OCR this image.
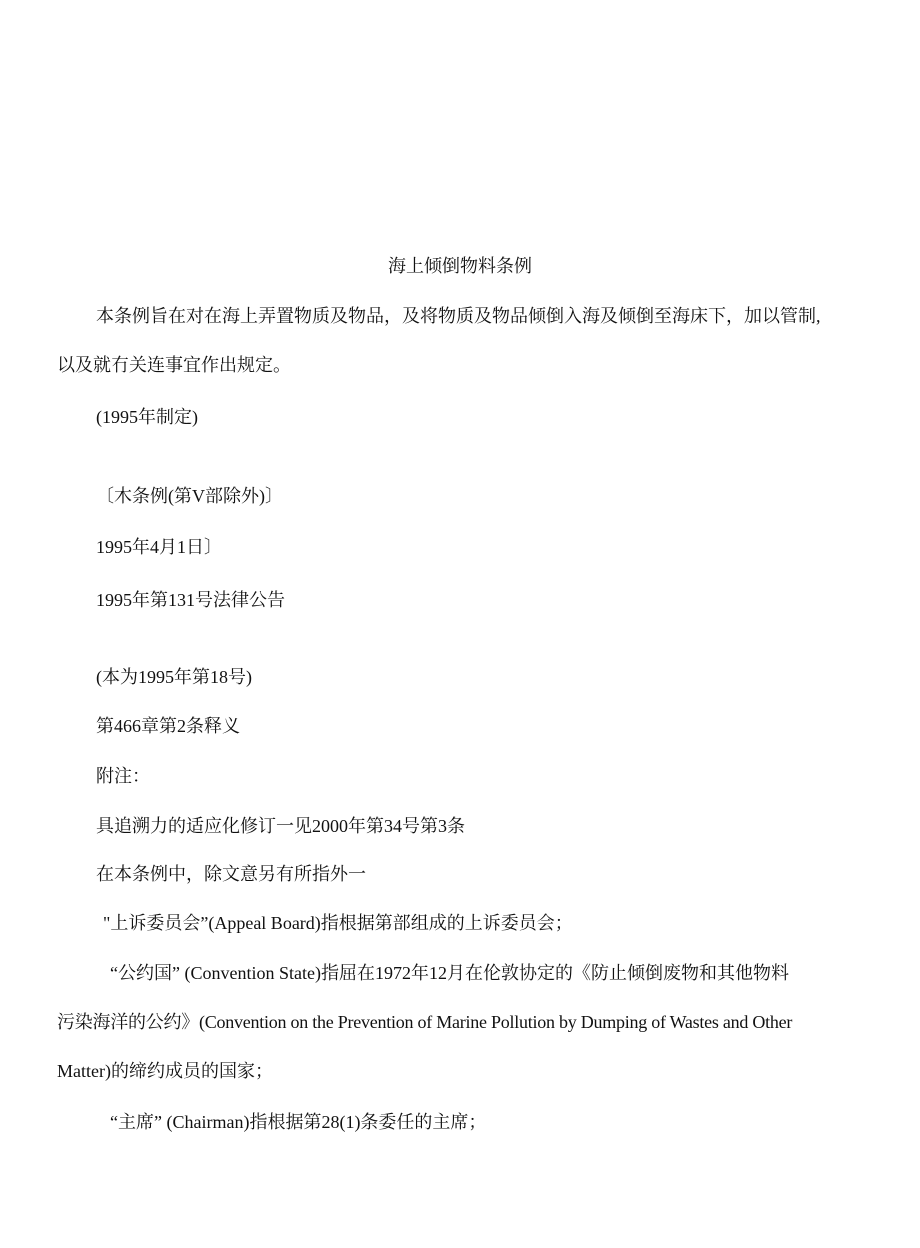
海上倾倒物料条例
本条例旨在对在海上弄置物质及物品，及将物质及物品倾倒入海及倾倒至海床下，加以管制,
以及就冇关连事宜作出规定。
(1995年制定)
〔木条例(第V部除外)〕
1995年4月1日〕
1995年第131号法律公告
(本为1995年第18号)
第466章第2条释义
附注：
具追溯力的适应化修订一见2000年第34号第3条
在本条例中，除文意另有所指外一
"上诉委员会”(Appeal Board)指根据第部组成的上诉委员会；
“公约国” (Convention State)指屈在1972年12月在伦敦协定的《防止倾倒废物和其他物料
污染海洋的公约》(Convention on the Prevention of Marine Pollution by Dumping of Wastes and Other
Matter)的缔约成员的国家；
“主席” (Chairman)指根据第28(1)条委任的主席；
